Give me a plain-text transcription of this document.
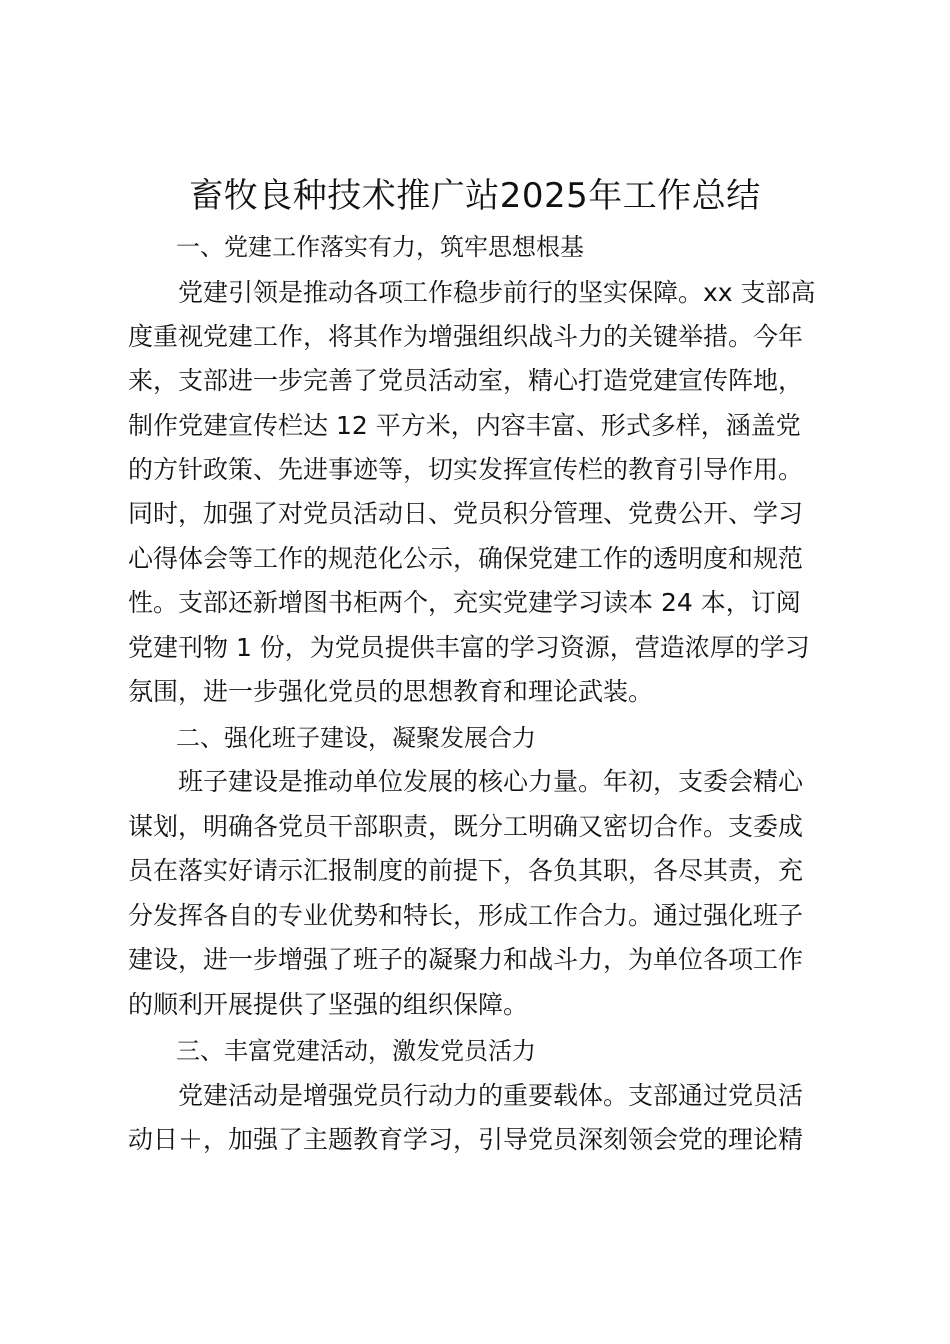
畜牧良种技术推广站2025年工作总结
一、党建工作落实有力，筑牢思想根基
党建引领是推动各项工作稳步前行的坚实保障。xx 支部高
度重视党建工作，将其作为增强组织战斗力的关键举措。今年
来，支部进一步完善了党员活动室，精心打造党建宣传阵地，
制作党建宣传栏达 12 平方米，内容丰富、形式多样，涵盖党
的方针政策、先进事迹等，切实发挥宣传栏的教育引导作用。
同时，加强了对党员活动日、党员积分管理、党费公开、学习
心得体会等工作的规范化公示，确保党建工作的透明度和规范
性。支部还新增图书柜两个，充实党建学习读本 24 本，订阅
党建刊物 1 份，为党员提供丰富的学习资源，营造浓厚的学习
氛围，进一步强化党员的思想教育和理论武装。
二、强化班子建设，凝聚发展合力
班子建设是推动单位发展的核心力量。年初，支委会精心
谋划，明确各党员干部职责，既分工明确又密切合作。支委成
员在落实好请示汇报制度的前提下，各负其职，各尽其责，充
分发挥各自的专业优势和特长，形成工作合力。通过强化班子
建设，进一步增强了班子的凝聚力和战斗力，为单位各项工作
的顺利开展提供了坚强的组织保障。
三、丰富党建活动，激发党员活力
党建活动是增强党员行动力的重要载体。支部通过党员活
动日＋，加强了主题教育学习，引导党员深刻领会党的理论精
